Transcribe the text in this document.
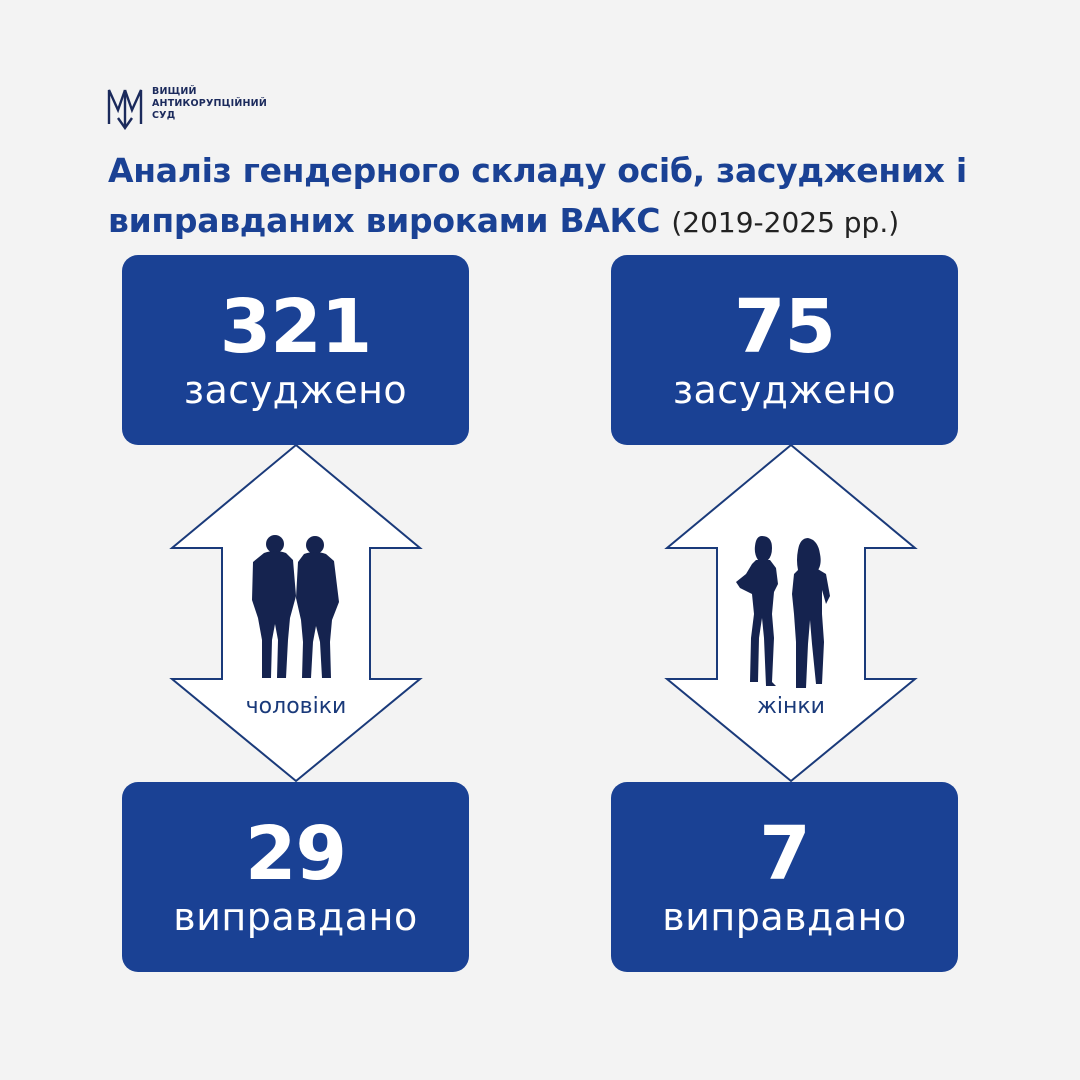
ВИЩИЙ
АНТИКОРУПЦІЙНИЙ
СУД
Аналіз гендерного складу осіб, засуджених і виправданих вироками ВАКС (2019-2025 рр.)
чоловіки	жінки
321
засуджено
29
виправдано
75
засуджено
7
виправдано
